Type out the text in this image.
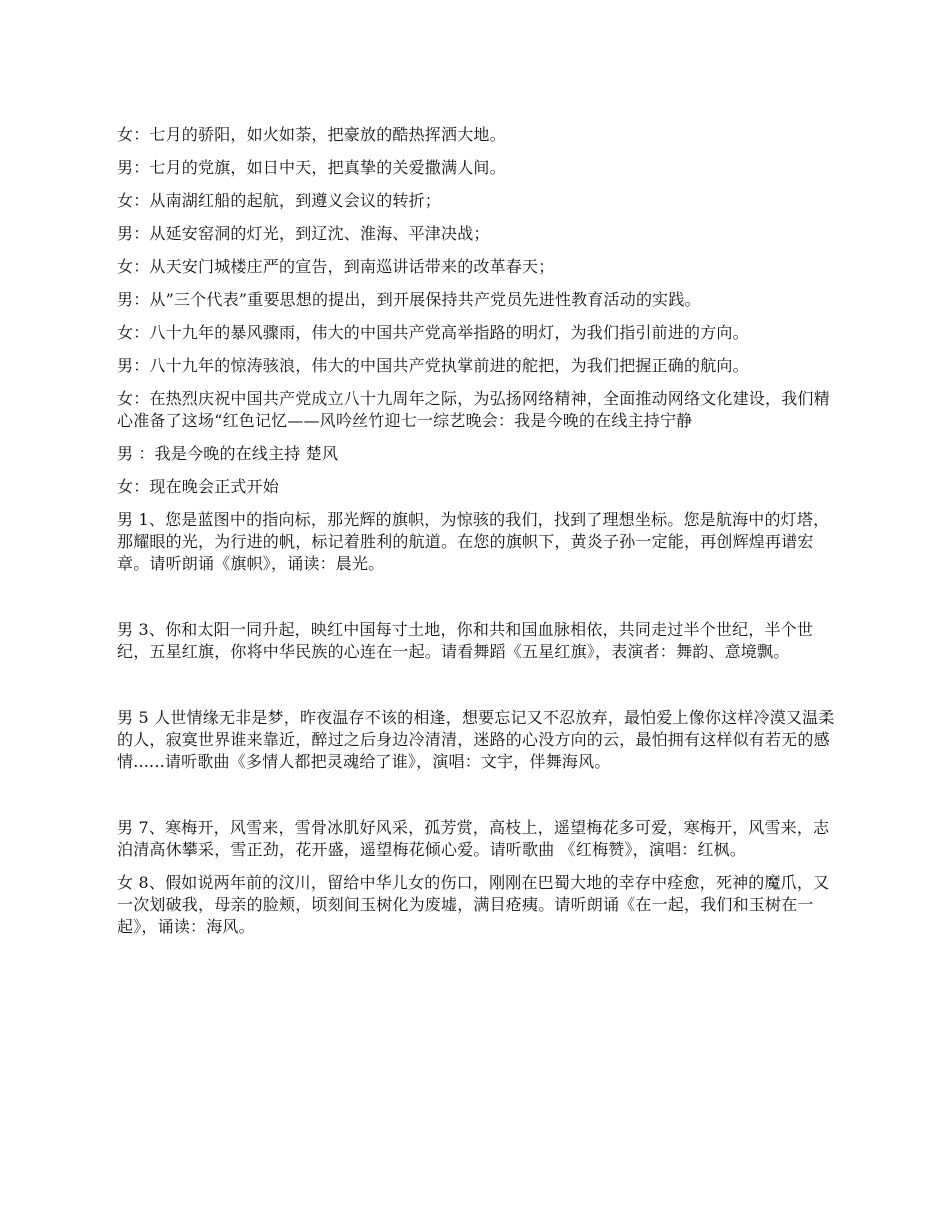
女：七月的骄阳，如火如荼，把豪放的酷热挥洒大地。

男：七月的党旗，如日中天，把真挚的关爱撒满人间。

女：从南湖红船的起航，到遵义会议的转折；

男：从延安窑洞的灯光，到辽沈、淮海、平津决战；

女：从天安门城楼庄严的宣告，到南巡讲话带来的改革春天；

男：从”三个代表”重要思想的提出，到开展保持共产党员先进性教育活动的实践。

女：八十九年的暴风骤雨，伟大的中国共产党高举指路的明灯，为我们指引前进的方向。

男：八十九年的惊涛骇浪，伟大的中国共产党执掌前进的舵把，为我们把握正确的航向。

女：在热烈庆祝中国共产党成立八十九周年之际，为弘扬网络精神，全面推动网络文化建设，我们精心准备了这场“红色记忆——风吟丝竹迎七一综艺晚会：我是今晚的在线主持宁静

男 ：我是今晚的在线主持 楚风

女：现在晚会正式开始

男 1、您是蓝图中的指向标，那光辉的旗帜，为惊骇的我们，找到了理想坐标。您是航海中的灯塔，那耀眼的光，为行进的帆，标记着胜利的航道。在您的旗帜下，黄炎子孙一定能，再创辉煌再谱宏章。请听朗诵《旗帜》，诵读：晨光。

男 3、你和太阳一同升起，映红中国每寸土地，你和共和国血脉相依，共同走过半个世纪，半个世纪，五星红旗，你将中华民族的心连在一起。请看舞蹈《五星红旗》，表演者：舞韵、意境飘。

男 5 人世情缘无非是梦，昨夜温存不该的相逢，想要忘记又不忍放弃，最怕爱上像你这样冷漠又温柔的人，寂寞世界谁来靠近，醉过之后身边冷清清，迷路的心没方向的云，最怕拥有这样似有若无的感情......请听歌曲《多情人都把灵魂给了谁》，演唱：文宇，伴舞海风。

男 7、寒梅开，风雪来，雪骨冰肌好风采，孤芳赏，高枝上，遥望梅花多可爱，寒梅开，风雪来，志泊清高休攀采，雪正劲，花开盛，遥望梅花倾心爱。请听歌曲 《红梅赞》，演唱：红枫。

女 8、假如说两年前的汶川，留给中华儿女的伤口，刚刚在巴蜀大地的幸存中痊愈，死神的魔爪，又一次划破我，母亲的脸颊，顷刻间玉树化为废墟，满目疮痍。请听朗诵《在一起，我们和玉树在一起》，诵读：海风。
